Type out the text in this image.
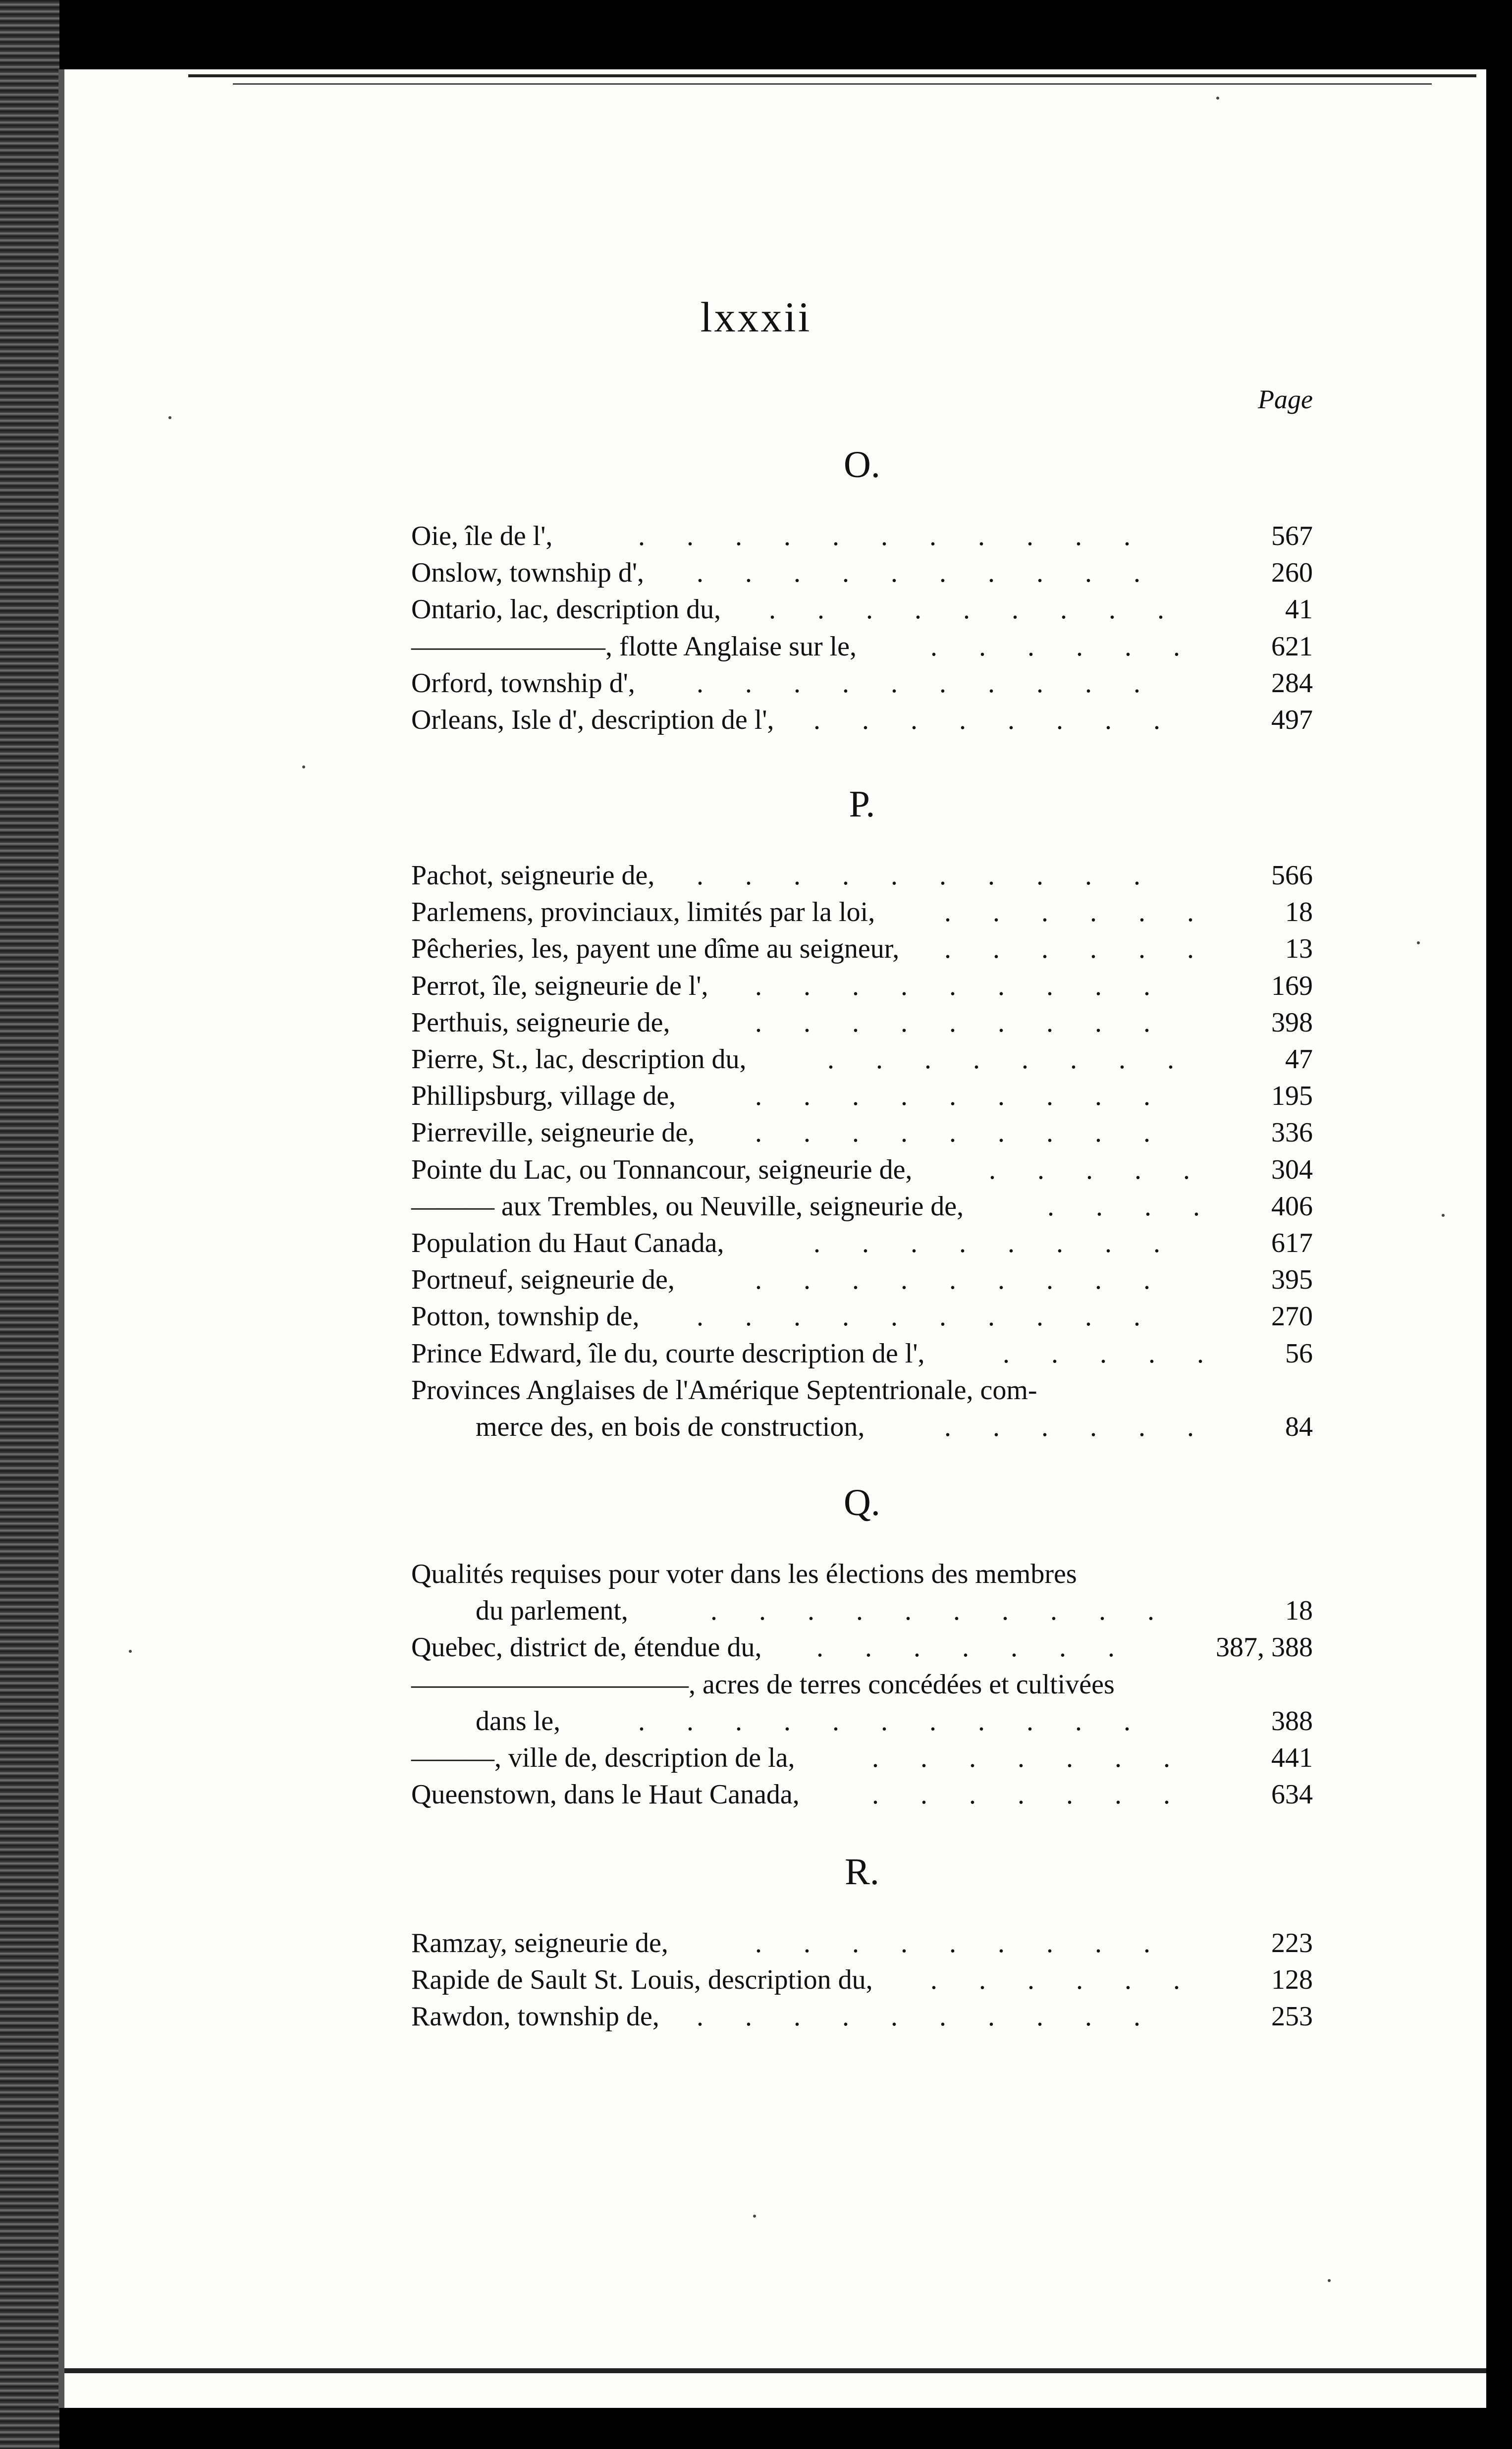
lxxxii
Page
O.
Oie, île de l',	567
.      .      .      .      .      .      .      .      .      .      .
Onslow, township d',	260
.      .      .      .      .      .      .      .      .      .
Ontario, lac, description du,	41
.      .      .      .      .      .      .      .      .
———————, flotte Anglaise sur le,	621
.      .      .      .      .      .
Orford, township d',	284
.      .      .      .      .      .      .      .      .      .
Orleans, Isle d', description de l',	497
.      .      .      .      .      .      .      .
P.
Pachot, seigneurie de,	566
.      .      .      .      .      .      .      .      .      .
Parlemens, provinciaux, limités par la loi,	18
.      .      .      .      .      .
Pêcheries, les, payent une dîme au seigneur,	13
.      .      .      .      .      .
Perrot, île, seigneurie de l',	169
.      .      .      .      .      .      .      .      .
Perthuis, seigneurie de,	398
.      .      .      .      .      .      .      .      .
Pierre, St., lac, description du,	47
.      .      .      .      .      .      .      .
Phillipsburg, village de,	195
.      .      .      .      .      .      .      .      .
Pierreville, seigneurie de,	336
.      .      .      .      .      .      .      .      .
Pointe du Lac, ou Tonnancour, seigneurie de,	304
.      .      .      .      .
——— aux Trembles, ou Neuville, seigneurie de,	406
.      .      .      .
Population du Haut Canada,	617
.      .      .      .      .      .      .      .
Portneuf, seigneurie de,	395
.      .      .      .      .      .      .      .      .
Potton, township de,	270
.      .      .      .      .      .      .      .      .      .
Prince Edward, île du, courte description de l',	56
.      .      .      .      .
Provinces Anglaises de l'Amérique Septentrionale, com-
merce des, en bois de construction,	84
.      .      .      .      .      .
Q.
Qualités requises pour voter dans les élections des membres
du parlement,	18
.      .      .      .      .      .      .      .      .      .
Quebec, district de, étendue du,	387, 388
.      .      .      .      .      .      .
——————————, acres de terres concédées et cultivées
dans le,	388
.      .      .      .      .      .      .      .      .      .      .
———, ville de, description de la,	441
.      .      .      .      .      .      .
Queenstown, dans le Haut Canada,	634
.      .      .      .      .      .      .
R.
Ramzay, seigneurie de,	223
.      .      .      .      .      .      .      .      .
Rapide de Sault St. Louis, description du,	128
.      .      .      .      .      .
Rawdon, township de,	253
.      .      .      .      .      .      .      .      .      .
